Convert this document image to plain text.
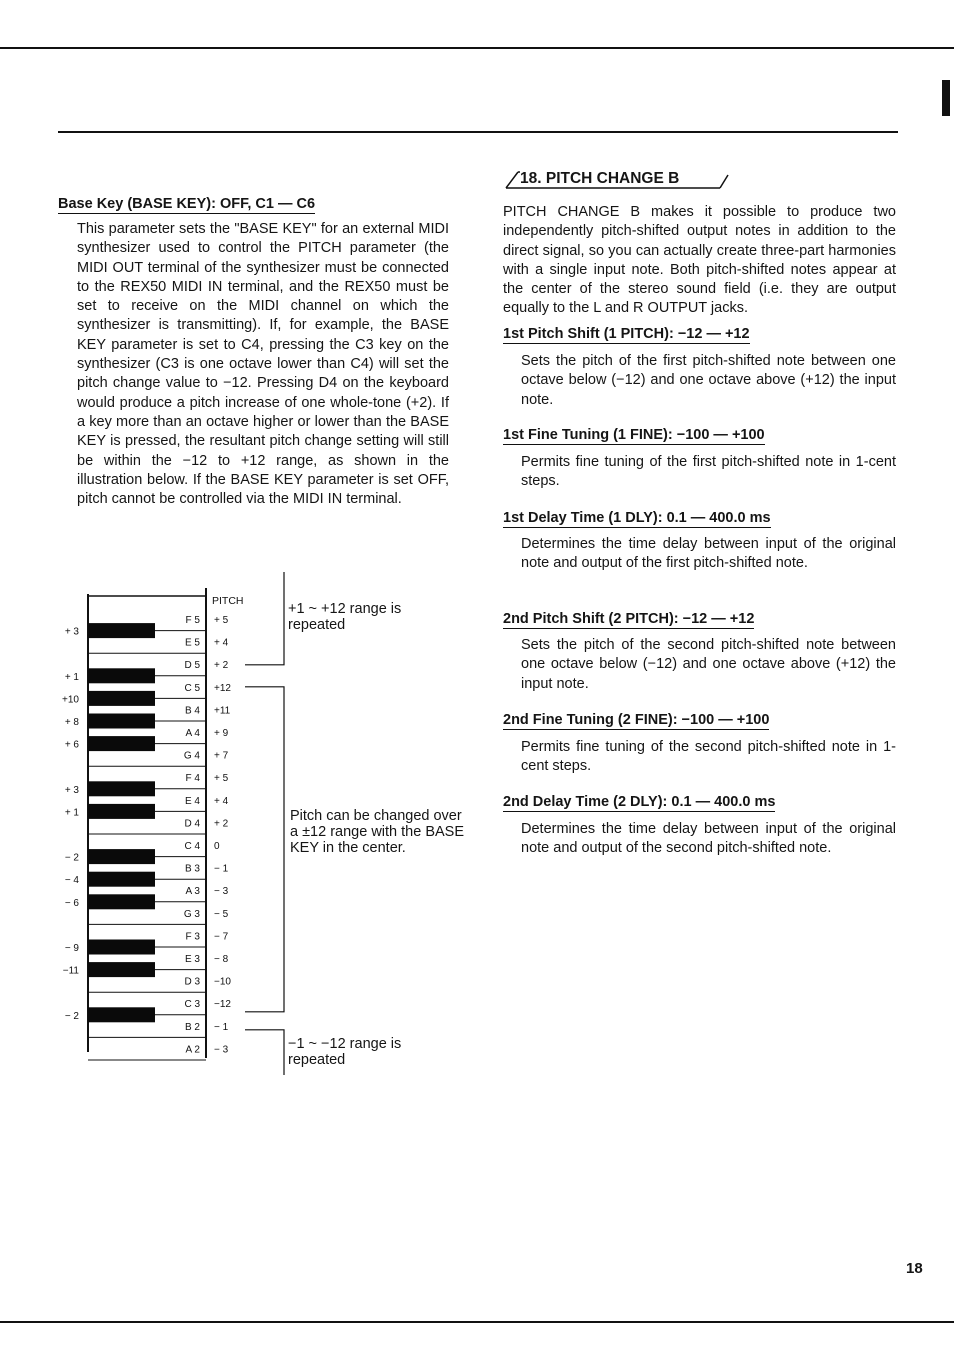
Base Key (BASE KEY): OFF, C1 — C6

This parameter sets the "BASE KEY" for an external MIDI synthesizer used to control the PITCH parameter (the MIDI OUT terminal of the synthesizer must be connected to the REX50 MIDI IN terminal, and the REX50 must be set to receive on the MIDI channel on which the synthesizer is transmitting). If, for example, the BASE KEY parameter is set to C4, pressing the C3 key on the synthesizer (C3 is one octave lower than C4) will set the pitch change value to −12. Pressing D4 on the keyboard would produce a pitch increase of one whole-tone (+2). If a key more than an octave higher or lower than the BASE KEY is pressed, the resultant pitch change setting will still be within the −12 to +12 range, as shown in the illustration below. If the BASE KEY parameter is set OFF, pitch cannot be controlled via the MIDI IN terminal.

F 5 + 5
E 5 + 4
D 5 + 2
C 5 +12
B 4 +11
A 4 + 9
G 4 + 7
F 4 + 5
E 4 + 4
D 4 + 2
C 4 0
B 3 − 1
A 3 − 3
G 3 − 5
F 3 − 7
E 3 − 8
D 3 −10
C 3 −12
B 2 − 1
A 2 − 3
PITCH
+ 3
+ 1
+10
+ 8
+ 6
+ 3
+ 1
− 2
− 4
− 6
− 9
−11
− 2
+1 ~ +12 range is repeated
Pitch can be changed over a ±12 range with the BASE KEY in the center.
−1 ~ −12 range is repeated
18. PITCH CHANGE B

PITCH CHANGE B makes it possible to produce two independently pitch-shifted output notes in addition to the direct signal, so you can actually create three-part harmonies with a single input note. Both pitch-shifted notes appear at the center of the stereo sound field (i.e. they are output equally to the L and R OUTPUT jacks.

1st Pitch Shift (1 PITCH): −12 — +12

Sets the pitch of the first pitch-shifted note between one octave below (−12) and one octave above (+12) the input note.

1st Fine Tuning (1 FINE): −100 — +100

Permits fine tuning of the first pitch-shifted note in 1-cent steps.

1st Delay Time (1 DLY): 0.1 — 400.0 ms

Determines the time delay between input of the original note and output of the first pitch-shifted note.

2nd Pitch Shift (2 PITCH): −12 — +12

Sets the pitch of the second pitch-shifted note between one octave below (−12) and one octave above (+12) the input note.

2nd Fine Tuning (2 FINE): −100 — +100

Permits fine tuning of the second pitch-shifted note in 1-cent steps.

2nd Delay Time (2 DLY): 0.1 — 400.0 ms

Determines the time delay between input of the original note and output of the second pitch-shifted note.

18
